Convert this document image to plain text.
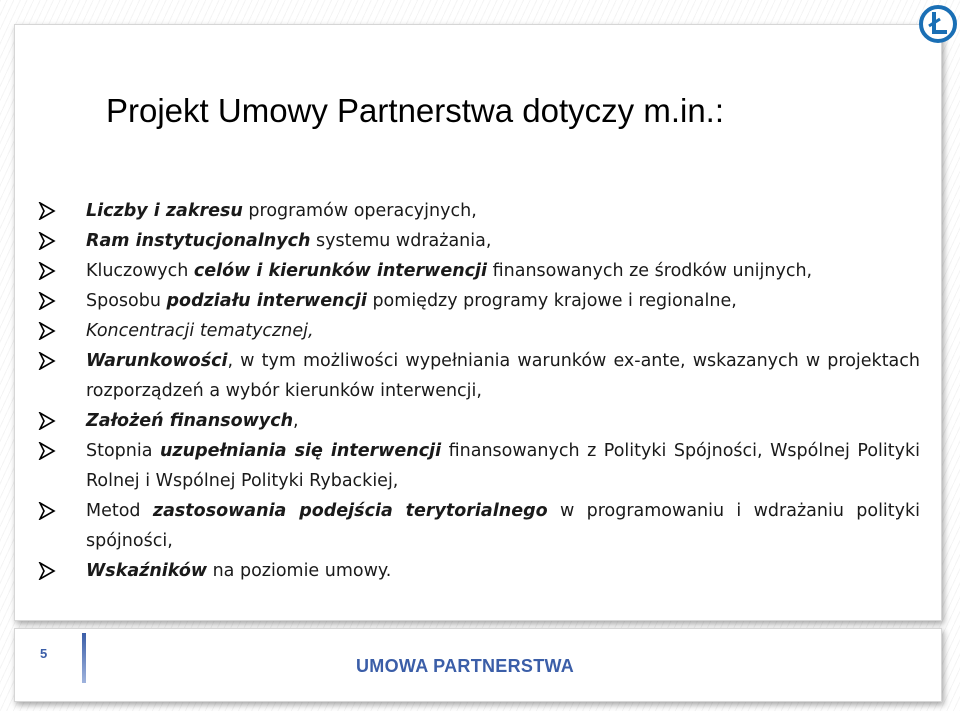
Projekt Umowy Partnerstwa dotyczy m.in.:
Liczby i zakresu programów operacyjnych,
Ram instytucjonalnych systemu wdrażania,
Kluczowych celów i kierunków interwencji finansowanych ze środków unijnych,
Sposobu podziału interwencji pomiędzy programy krajowe i regionalne,
Koncentracji tematycznej,
Warunkowości, w tym możliwości wypełniania warunków ex-ante, wskazanych w projektach rozporządzeń a wybór kierunków interwencji,
Założeń finansowych,
Stopnia uzupełniania się interwencji finansowanych z Polityki Spójności, Wspólnej Polityki Rolnej i Wspólnej Polityki Rybackiej,
Metod zastosowania podejścia terytorialnego w programowaniu i wdrażaniu polityki spójności,
Wskaźników na poziomie umowy.
5
UMOWA PARTNERSTWA
